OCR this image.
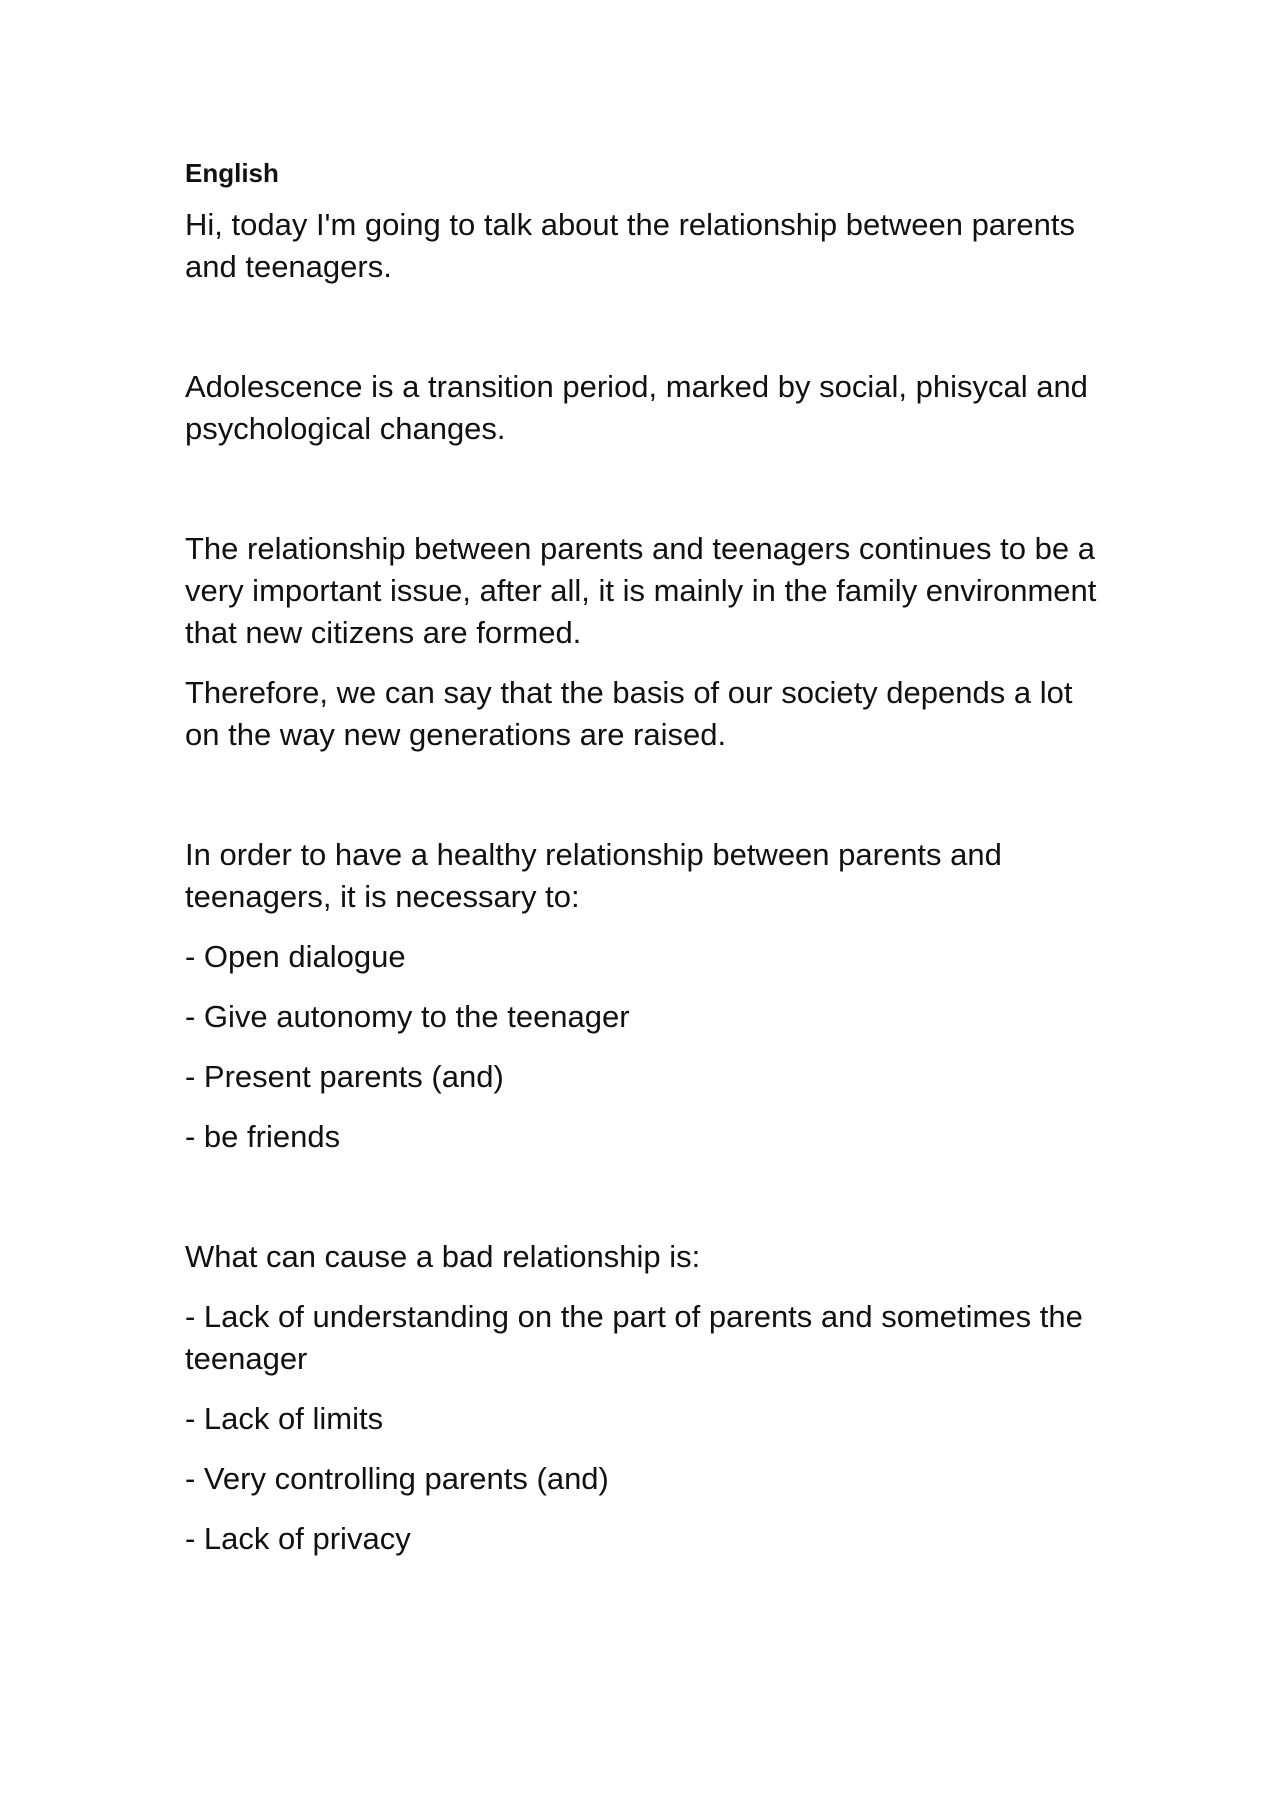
English

Hi, today I'm going to talk about the relationship between parents and teenagers.

Adolescence is a transition period, marked by social, phisycal and psychological changes.

The relationship between parents and teenagers continues to be a very important issue, after all, it is mainly in the family environment that new citizens are formed.

Therefore, we can say that the basis of our society depends a lot on the way new generations are raised.

In order to have a healthy relationship between parents and teenagers, it is necessary to:

- Open dialogue

- Give autonomy to the teenager

- Present parents (and)

- be friends

What can cause a bad relationship is:

- Lack of understanding on the part of parents and sometimes the teenager

- Lack of limits

- Very controlling parents (and)

- Lack of privacy
